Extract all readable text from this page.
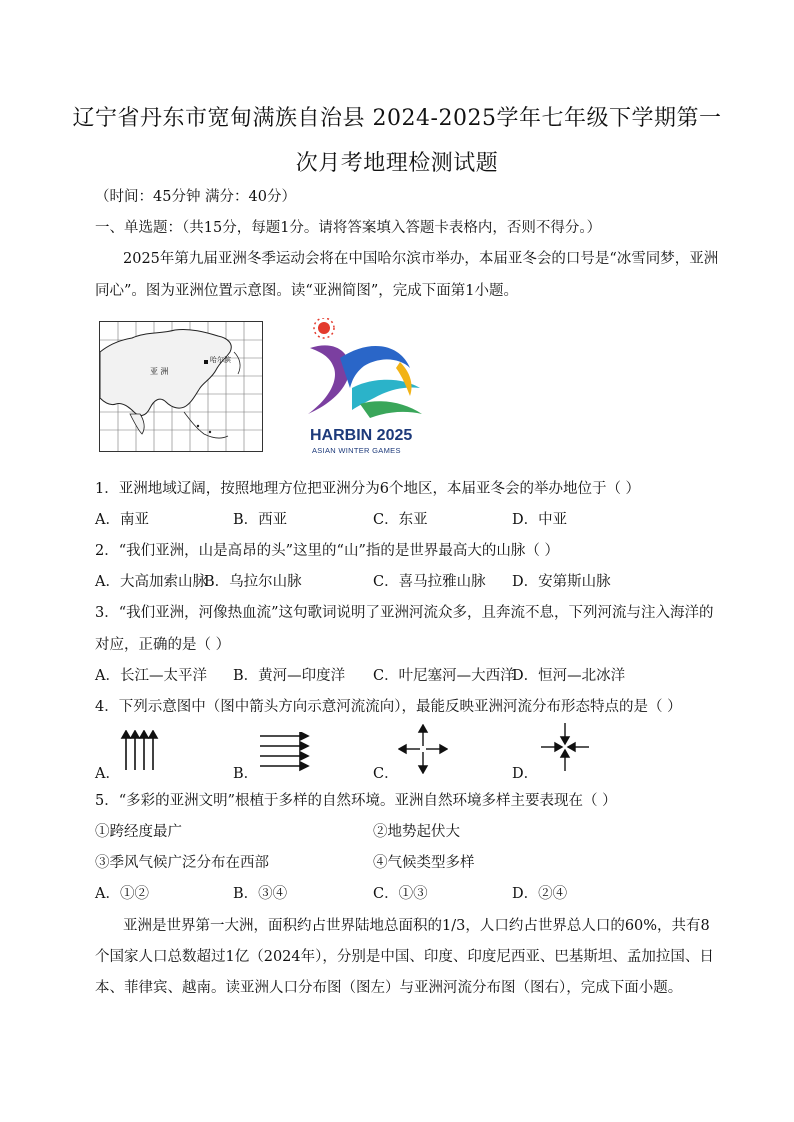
辽宁省丹东市宽甸满族自治县 2024-2025学年七年级下学期第一
次月考地理检测试题
（时间：45分钟 满分：40分）
一、单选题：（共15分，每题1分。请将答案填入答题卡表格内，否则不得分。）
2025年第九届亚洲冬季运动会将在中国哈尔滨市举办，本届亚冬会的口号是“冰雪同梦，亚洲
同心”。图为亚洲位置示意图。读“亚洲简图”，完成下面第1小题。
亚 洲
哈尔滨
HARBIN 2025
ASIAN WINTER GAMES
1．亚洲地域辽阔，按照地理方位把亚洲分为6个地区，本届亚冬会的举办地位于（ ）
A．南亚	B．西亚	C．东亚	D．中亚
2．“我们亚洲，山是高昂的头”这里的“山”指的是世界最高大的山脉（ ）
A．大高加索山脉
B．乌拉尔山脉	C．喜马拉雅山脉 D．安第斯山脉
3．“我们亚洲，河像热血流”这句歌词说明了亚洲河流众多，且奔流不息，下列河流与注入海洋的
对应，正确的是（ ）
A．长江—太平洋 B．黄河—印度洋 C．叶尼塞河—大西洋
D．恒河—北冰洋
4．下列示意图中（图中箭头方向示意河流流向），最能反映亚洲河流分布形态特点的是（ ）
A．	B．	C．	D．
5．“多彩的亚洲文明”根植于多样的自然环境。亚洲自然环境多样主要表现在（ ）
①跨经度最广	②地势起伏大
③季风气候广泛分布在西部	④气候类型多样
A．①②	B．③④	C．①③	D．②④
亚洲是世界第一大洲，面积约占世界陆地总面积的1/3，人口约占世界总人口的60%，共有8
个国家人口总数超过1亿（2024年），分别是中国、印度、印度尼西亚、巴基斯坦、孟加拉国、日
本、菲律宾、越南。读亚洲人口分布图（图左）与亚洲河流分布图（图右），完成下面小题。
